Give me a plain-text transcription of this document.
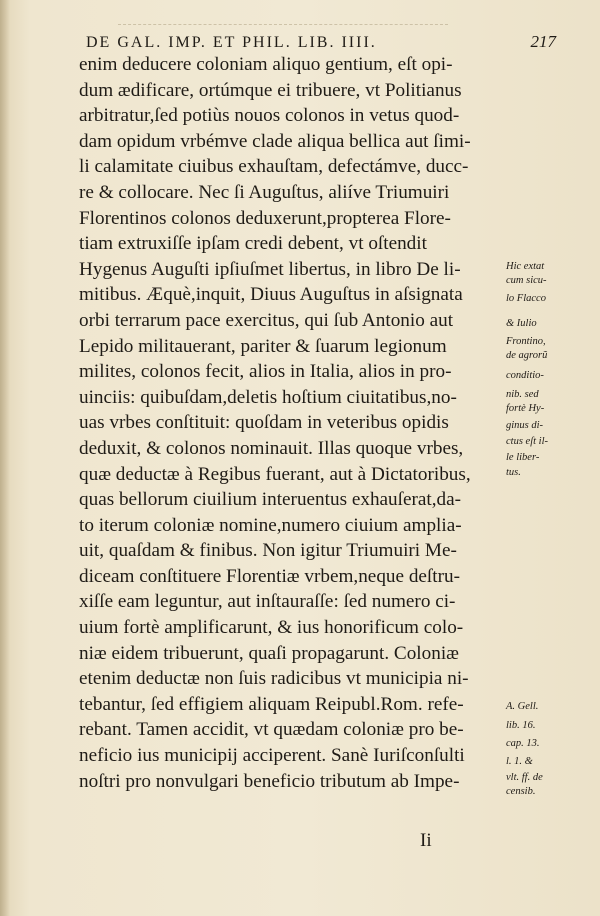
DE GAL. IMP. ET PHIL. LIB. IIII.	217
enim deducere coloniam aliquo gentium, eſt opi-
dum ædificare, ortúmque ei tribuere, vt Politianus
arbitratur,ſed potiùs nouos colonos in vetus quod-
dam opidum vrbémve clade aliqua bellica aut ſimi-
li calamitate ciuibus exhauſtam, defectámve, ducc-
re & collocare. Nec ſi Auguſtus, aliíve Triumuiri
Florentinos colonos deduxerunt,propterea Flore-
tiam extruxiſſe ipſam credi debent, vt oſtendit
Hygenus Auguſti ipſiuſmet libertus, in libro De li-
mitibus. Æquè,inquit, Diuus Auguſtus in aſsignata
orbi terrarum pace exercitus, qui ſub Antonio aut
Lepido militauerant, pariter & ſuarum legionum
milites, colonos fecit, alios in Italia, alios in pro-
uinciis: quibuſdam,deletis hoſtium ciuitatibus,no-
uas vrbes conſtituit: quoſdam in veteribus opidis
deduxit, & colonos nominauit. Illas quoque vrbes,
quæ deductæ à Regibus fuerant, aut à Dictatoribus,
quas bellorum ciuilium interuentus exhauſerat,da-
to iterum coloniæ nomine,numero ciuium amplia-
uit, quaſdam & finibus. Non igitur Triumuiri Me-
diceam conſtituere Florentiæ vrbem,neque deſtru-
xiſſe eam leguntur, aut inſtauraſſe: ſed numero ci-
uium fortè amplificarunt, & ius honorificum colo-
niæ eidem tribuerunt, quaſi propagarunt. Coloniæ
etenim deductæ non ſuis radicibus vt municipia ni-
tebantur, ſed effigiem aliquam Reipubl.Rom. refe-
rebant. Tamen accidit, vt quædam coloniæ pro be-
neficio ius municipij acciperent. Sanè Iuriſconſulti
noſtri pro nonvulgari beneficio tributum ab Impe-
Ii
Hic extat
cum sicu-
lo Flacco
& Iulio
Frontino,
de agrorũ
conditio-
nib. sed
fortè Hy-
ginus di-
ctus eſt il-
le liber-
tus.
A. Gell.
lib. 16.
cap. 13.
l. 1. &
vlt. ff. de
censib.
